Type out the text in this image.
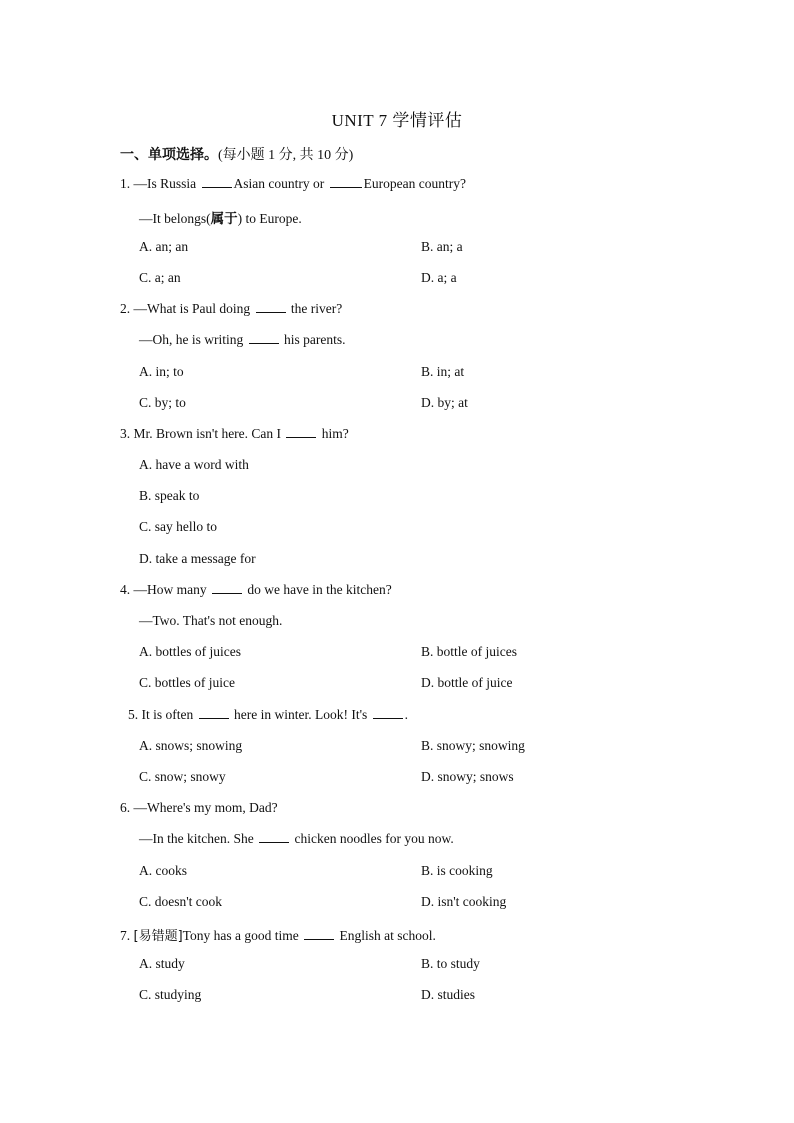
UNIT 7 学情评估
一、单项选择。(每小题 1 分, 共 10 分)
1. —Is Russia	Asian country or	European country?
—It belongs(属于) to Europe.
A. an; an	B. an; a
C. a; an	D. a; a
2. —What is Paul doing	the river?
—Oh, he is writing	his parents.
A. in; to	B. in; at
C. by; to	D. by; at
3. Mr. Brown isn't here. Can I	him?
A. have a word with
B. speak to
C. say hello to
D. take a message for
4. —How many	do we have in the kitchen?
—Two. That's not enough.
A. bottles of juices	B. bottle of juices
C. bottles of juice	D. bottle of juice
5. It is often	here in winter. Look! It's	.
A. snows; snowing	B. snowy; snowing
C. snow; snowy	D. snowy; snows
6. —Where's my mom, Dad?
—In the kitchen. She	chicken noodles for you now.
A. cooks	B. is cooking
C. doesn't cook	D. isn't cooking
7. [易错题]Tony has a good time	English at school.
A. study	B. to study
C. studying	D. studies
